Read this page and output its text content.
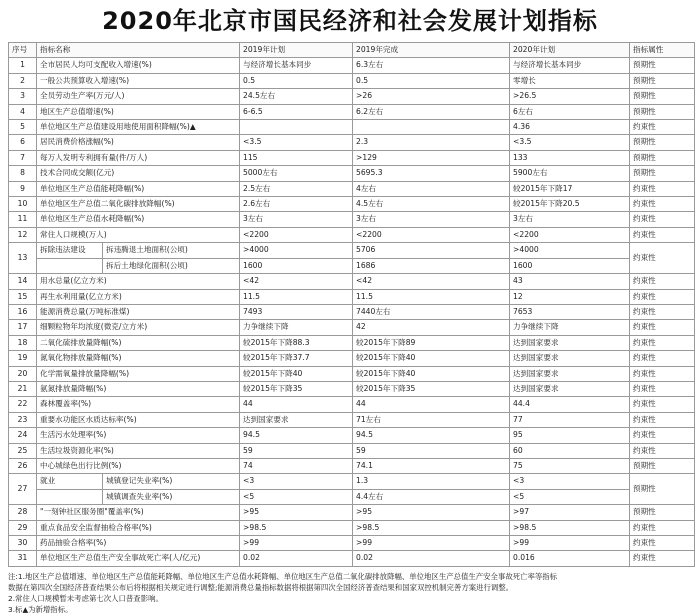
2020年北京市国民经济和社会发展计划指标
序号	指标名称	2019年计划	2019年完成	2020年计划	指标属性
1	全市居民人均可支配收入增速(%)	与经济增长基本同步	6.3左右	与经济增长基本同步	预期性
2	一般公共预算收入增速(%)	0.5	0.5	零增长	预期性
3	全员劳动生产率(万元/人)	24.5左右	>26	>26.5	预期性
4	地区生产总值增速(%)	6-6.5	6.2左右	6左右	预期性
5	单位地区生产总值建设用地使用面积降幅(%)▲			4.36	约束性
6	居民消费价格涨幅(%)	<3.5	2.3	<3.5	预期性
7	每万人发明专利拥有量(件/万人)	115	>129	133	预期性
8	技术合同成交额(亿元)	5000左右	5695.3	5900左右	预期性
9	单位地区生产总值能耗降幅(%)	2.5左右	4左右	较2015年下降17	约束性
10	单位地区生产总值二氧化碳排放降幅(%)	2.6左右	4.5左右	较2015年下降20.5	约束性
11	单位地区生产总值水耗降幅(%)	3左右	3左右	3左右	约束性
12	常住人口规模(万人)	<2200	<2200	<2200	约束性
13	拆除违法建设 拆违腾退土地面积(公顷)	>4000	5706	>4000	约束性

	拆后土地绿化面积(公顷)	1600	1686	1600	
14	用水总量(亿立方米)	<42	<42	43	约束性
15	再生水利用量(亿立方米)	11.5	11.5	12	约束性
16	能源消费总量(万吨标准煤)	7493	7440左右	7653	约束性
17	细颗粒物年均浓度(微克/立方米)	力争继续下降	42	力争继续下降	约束性
18	二氧化硫排放量降幅(%)	较2015年下降88.3	较2015年下降89	达到国家要求	约束性
19	氮氧化物排放量降幅(%)	较2015年下降37.7	较2015年下降40	达到国家要求	约束性
20	化学需氧量排放量降幅(%)	较2015年下降40	较2015年下降40	达到国家要求	约束性
21	氨氮排放量降幅(%)	较2015年下降35	较2015年下降35	达到国家要求	约束性
22	森林覆盖率(%)	44	44	44.4	约束性
23	重要水功能区水质达标率(%)	达到国家要求	71左右	77	约束性
24	生活污水处理率(%)	94.5	94.5	95	约束性
25	生活垃圾资源化率(%)	59	59	60	约束性
26	中心城绿色出行比例(%)	74	74.1	75	预期性
27	就业 城镇登记失业率(%)	<3	1.3	<3	预期性

	城镇调查失业率(%)	<5	4.4左右	<5	
28	"一刻钟社区服务圈"覆盖率(%)	>95	>95	>97	预期性
29	重点食品安全监督抽检合格率(%)	>98.5	>98.5	>98.5	约束性
30	药品抽验合格率(%)	>99	>99	>99	约束性
31	单位地区生产总值生产安全事故死亡率(人/亿元)	0.02	0.02	0.016	约束性
注:1.地区生产总值增速、单位地区生产总值能耗降幅、单位地区生产总值水耗降幅、单位地区生产总值二氧化碳排放降幅、单位地区生产总值生产安全事故死亡率等指标
数据在第四次全国经济普查结果公布后将根据相关规定进行调整;能源消费总量指标数据将根据第四次全国经济普查结果和国家双控机制完善方案进行调整。
2.常住人口规模暂未考虑第七次人口普查影响。
3.标▲为新增指标。
